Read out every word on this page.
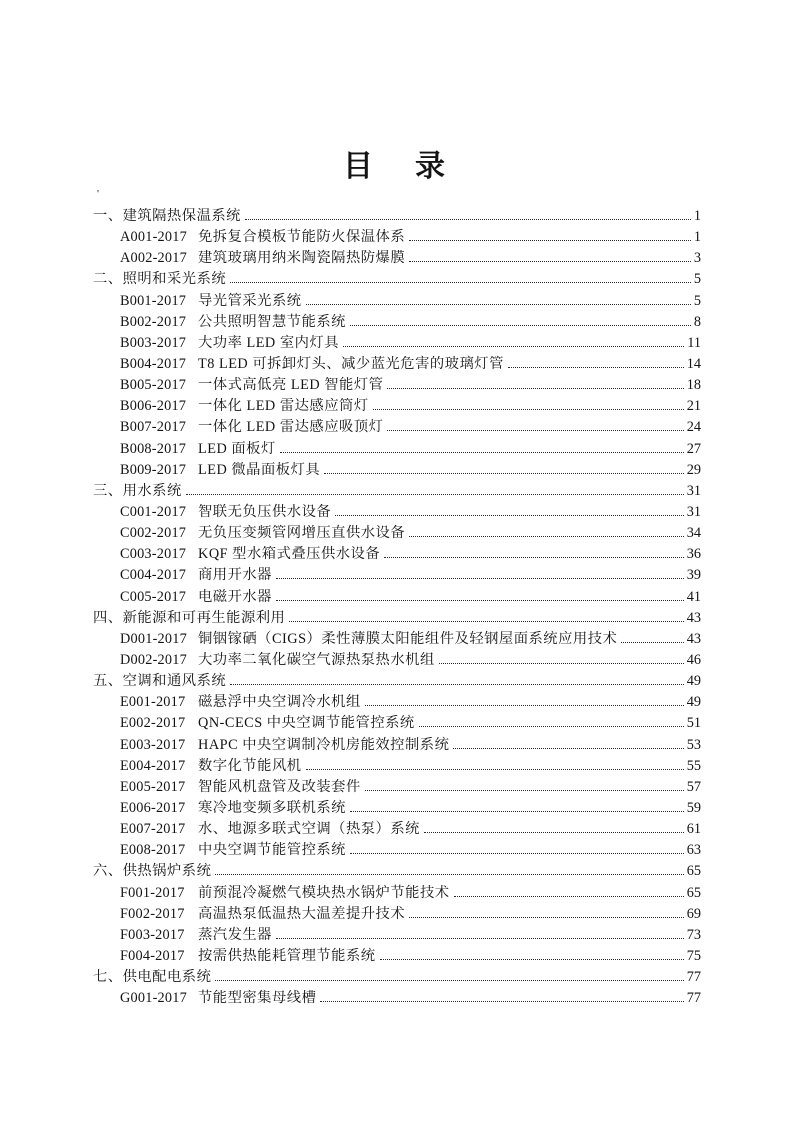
目　录
'
一、建筑隔热保温系统	1
A001-2017 免拆复合模板节能防火保温体系	1
A002-2017 建筑玻璃用纳米陶瓷隔热防爆膜	3
二、照明和采光系统	5
B001-2017 导光管采光系统	5
B002-2017 公共照明智慧节能系统	8
B003-2017 大功率 LED 室内灯具	11
B004-2017 T8 LED 可拆卸灯头、减少蓝光危害的玻璃灯管	14
B005-2017 一体式高低亮 LED 智能灯管	18
B006-2017 一体化 LED 雷达感应筒灯	21
B007-2017 一体化 LED 雷达感应吸顶灯	24
B008-2017 LED 面板灯	27
B009-2017 LED 微晶面板灯具	29
三、用水系统	31
C001-2017 智联无负压供水设备	31
C002-2017 无负压变频管网增压直供水设备	34
C003-2017 KQF 型水箱式叠压供水设备	36
C004-2017 商用开水器	39
C005-2017 电磁开水器	41
四、新能源和可再生能源利用	43
D001-2017 铜铟镓硒（CIGS）柔性薄膜太阳能组件及轻钢屋面系统应用技术	43
D002-2017 大功率二氧化碳空气源热泵热水机组	46
五、空调和通风系统	49
E001-2017 磁悬浮中央空调冷水机组	49
E002-2017 QN-CECS 中央空调节能管控系统	51
E003-2017 HAPC 中央空调制冷机房能效控制系统	53
E004-2017 数字化节能风机	55
E005-2017 智能风机盘管及改装套件	57
E006-2017 寒冷地变频多联机系统	59
E007-2017 水、地源多联式空调（热泵）系统	61
E008-2017 中央空调节能管控系统	63
六、供热锅炉系统	65
F001-2017 前预混冷凝燃气模块热水锅炉节能技术	65
F002-2017 高温热泵低温热大温差提升技术	69
F003-2017 蒸汽发生器	73
F004-2017 按需供热能耗管理节能系统	75
七、供电配电系统	77
G001-2017 节能型密集母线槽	77
